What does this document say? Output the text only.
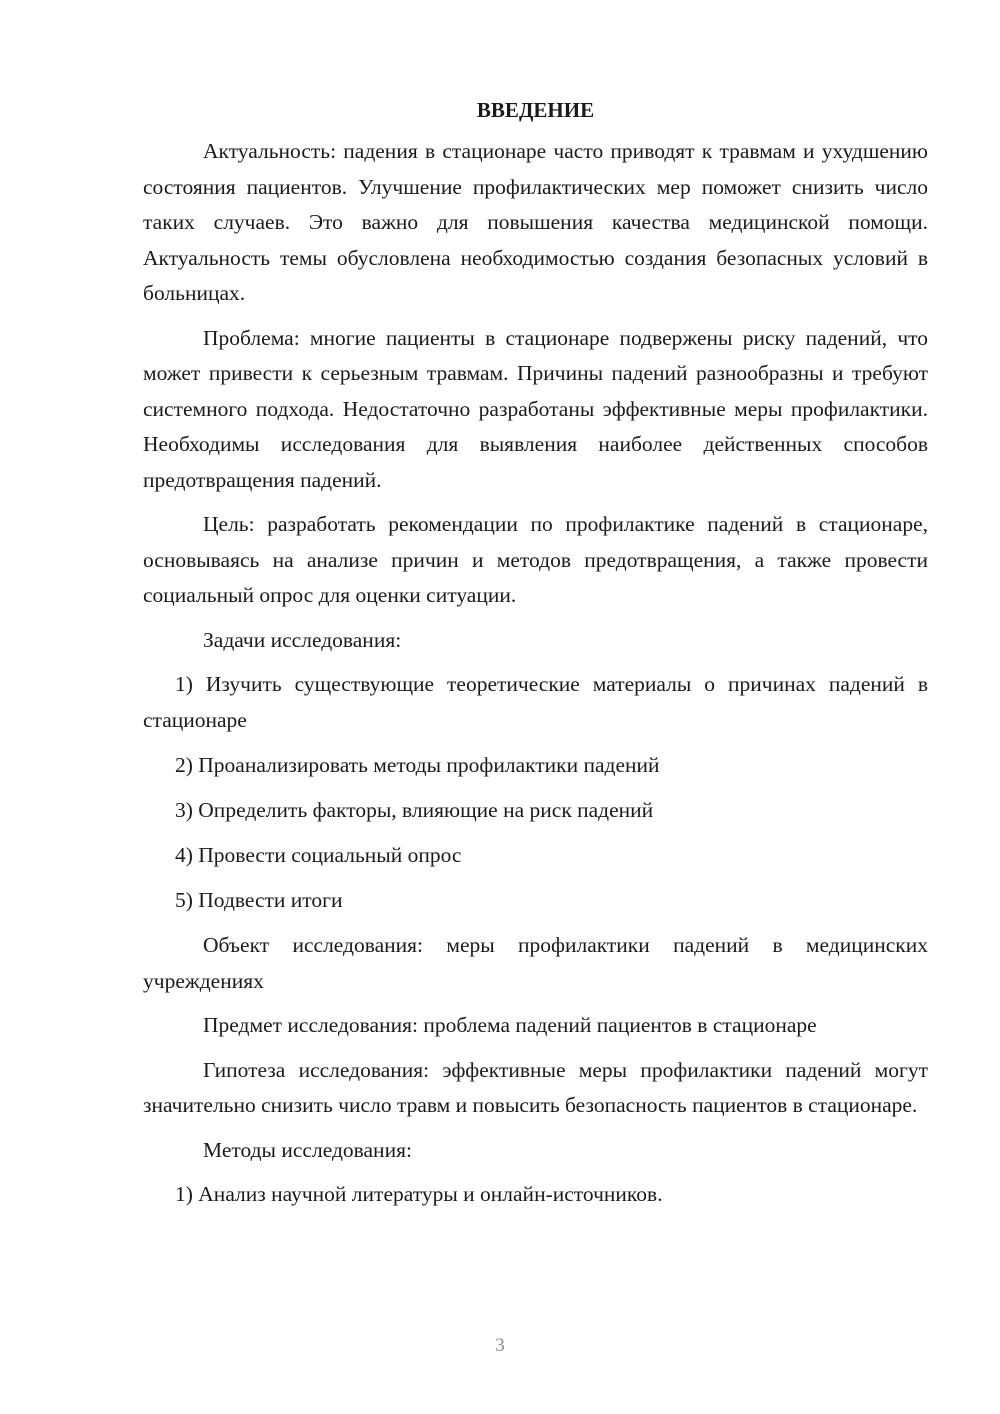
ВВЕДЕНИЕ

Актуальность: падения в стационаре часто приводят к травмам и ухудшению состояния пациентов. Улучшение профилактических мер поможет снизить число таких случаев. Это важно для повышения качества медицинской помощи. Актуальность темы обусловлена необходимостью создания безопасных условий в больницах.

Проблема: многие пациенты в стационаре подвержены риску падений, что может привести к серьезным травмам. Причины падений разнообразны и требуют системного подхода. Недостаточно разработаны эффективные меры профилактики. Необходимы исследования для выявления наиболее действенных способов предотвращения падений.

Цель: разработать рекомендации по профилактике падений в стационаре, основываясь на анализе причин и методов предотвращения, а также провести социальный опрос для оценки ситуации.

Задачи исследования:

1) Изучить существующие теоретические материалы о причинах падений в стационаре

2) Проанализировать методы профилактики падений

3) Определить факторы, влияющие на риск падений

4) Провести социальный опрос

5) Подвести итоги

Объект исследования: меры профилактики падений в медицинских учреждениях

Предмет исследования: проблема падений пациентов в стационаре

Гипотеза исследования: эффективные меры профилактики падений могут значительно снизить число травм и повысить безопасность пациентов в стационаре.

Методы исследования:

1) Анализ научной литературы и онлайн-источников.

3
